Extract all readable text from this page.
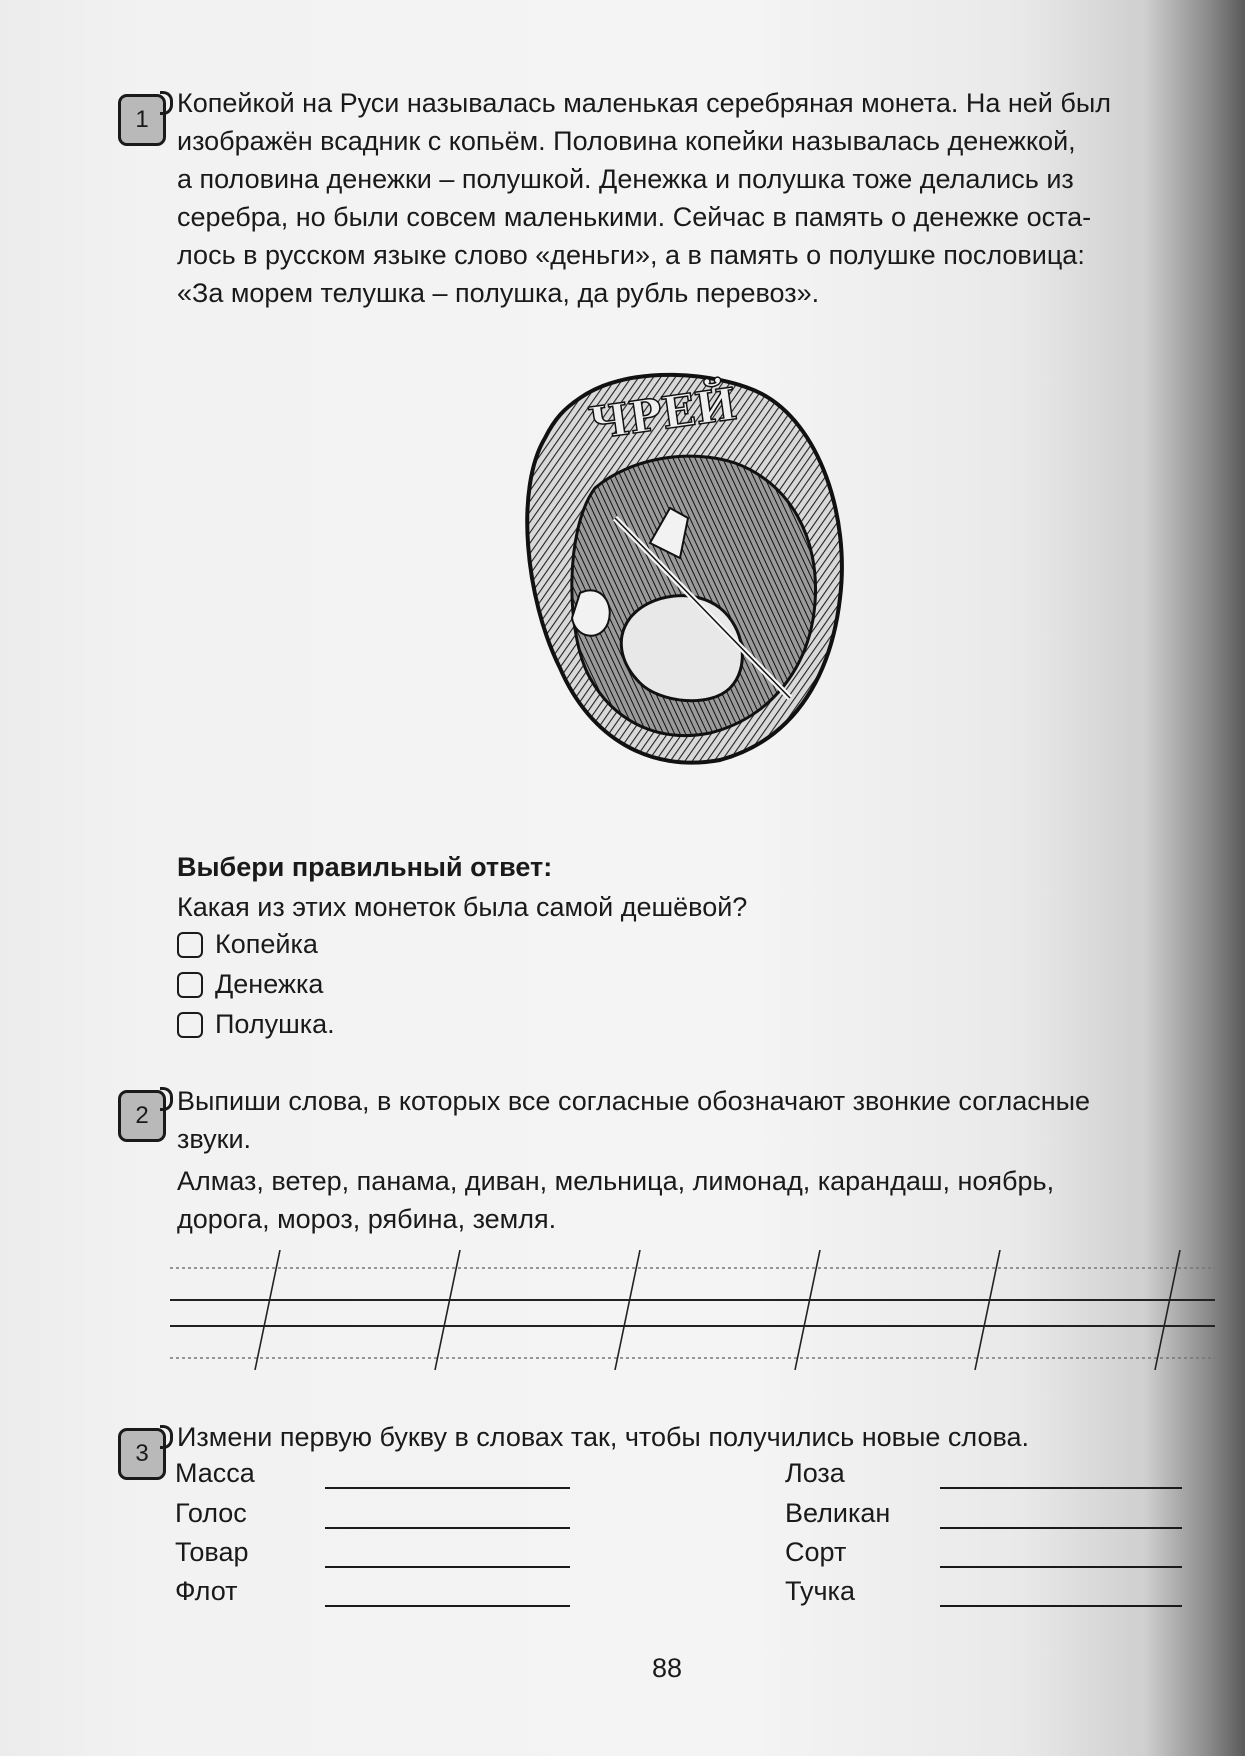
1
Копейкой на Руси называлась маленькая серебряная монета. На ней был
изображён всадник с копьём. Половина копейки называлась денежкой,
а половина денежки – полушкой. Денежка и полушка тоже делались из
серебра, но были совсем маленькими. Сейчас в память о денежке оста-
лось в русском языке слово «деньги», а в память о полушке пословица:
«За морем телушка – полушка, да рубль перевоз».
ЧРЕЙ
Выбери правильный ответ:
Какая из этих монеток была самой дешёвой?
Копейка
Денежка
Полушка.
2	Выпиши слова, в которых все согласные обозначают звонкие согласные
звуки.
Алмаз, ветер, панама, диван, мельница, лимонад, карандаш, ноябрь,
дорога, мороз, рябина, земля.
3
Измени первую букву в словах так, чтобы получились новые слова.
Масса
Голос
Товар
Флот
Лоза
Великан
Сорт
Тучка
88
